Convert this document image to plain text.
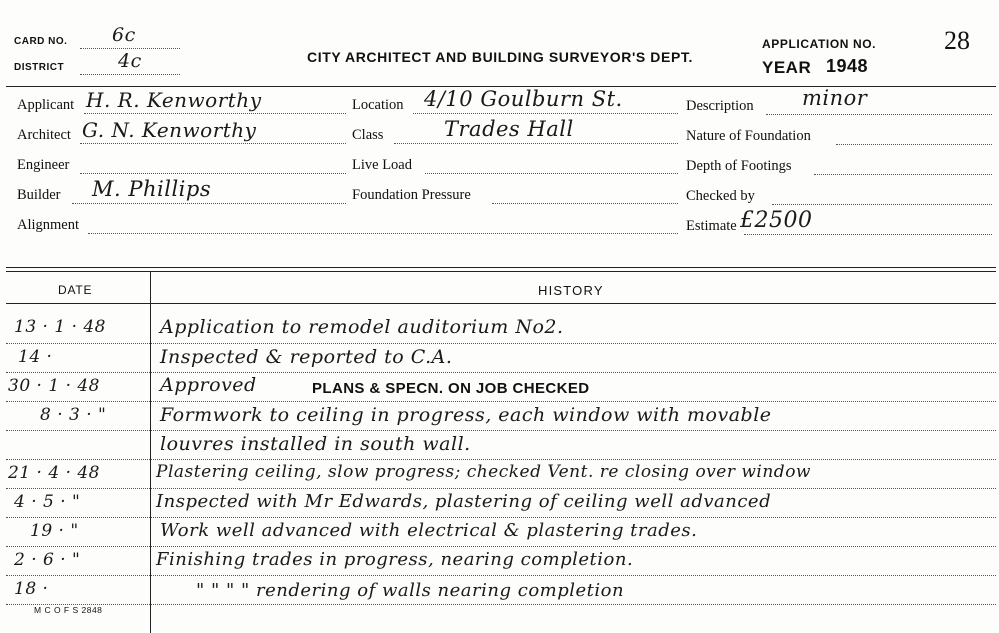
CARD NO. 6c
DISTRICT	4c	CITY ARCHITECT AND BUILDING SURVEYOR'S DEPT.
APPLICATION NO.	28
YEAR 1948
Applicant H. R. Kenworthy
Architect G. N. Kenworthy
Engineer
Builder M. Phillips
Alignment
Location 4/10 Goulburn St.
Class	Trades Hall
Live Load
Foundation Pressure
Description minor
Nature of Foundation
Depth of Footings
Checked by
Estimate £2500
DATE	HISTORY
13 · 1 · 48	Application to remodel auditorium No2.
14 ·	Inspected & reported to C.A.
30 · 1 · 48	Approved	PLANS & SPECN. ON JOB CHECKED
8 · 3 · "	Formwork to ceiling in progress, each window with movable
louvres installed in south wall.
21 · 4 · 48	Plastering ceiling, slow progress; checked Vent. re closing over window
4 · 5 · "	Inspected with Mr Edwards, plastering of ceiling well advanced
19 · "	Work well advanced with electrical & plastering trades.
2 · 6 · "	Finishing trades in progress, nearing completion.
18 ·	" " " " rendering of walls nearing completion
M C O F S 2848
